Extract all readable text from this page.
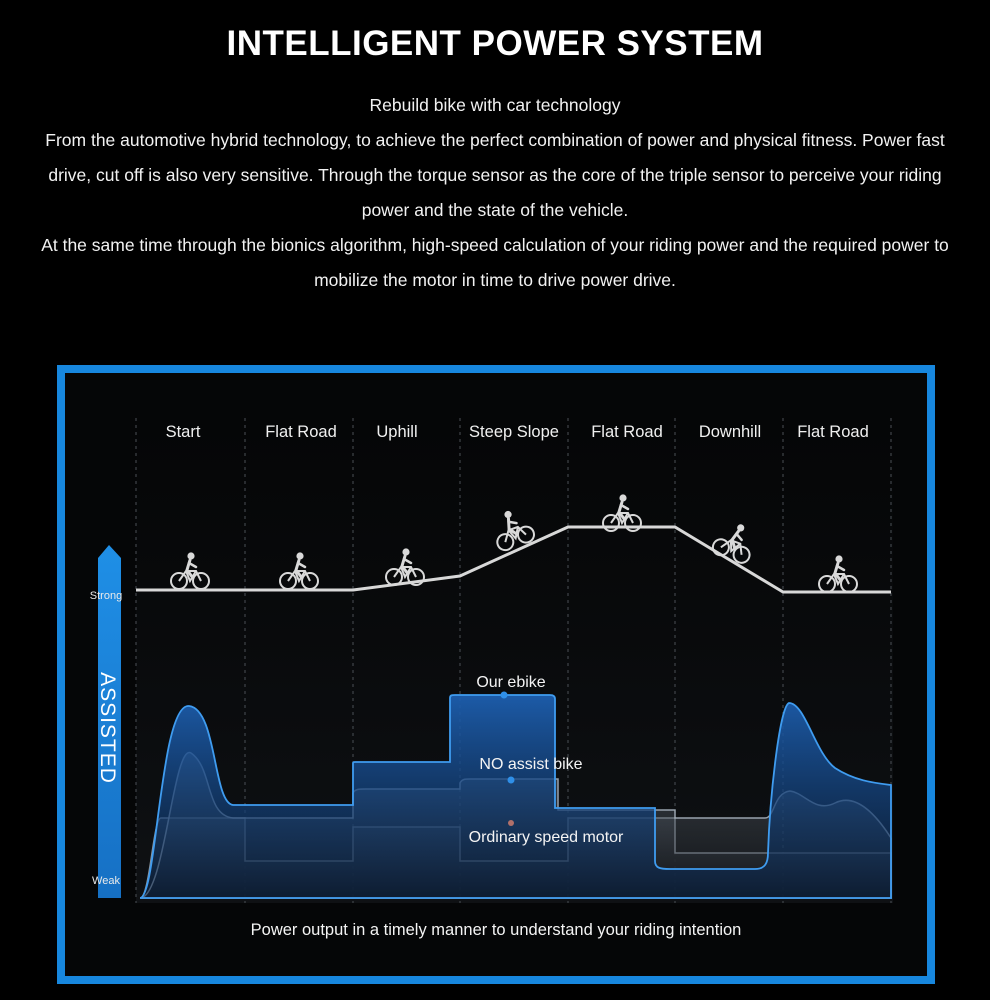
INTELLIGENT POWER SYSTEM

Rebuild bike with car technology

From the automotive hybrid technology, to achieve the perfect combination of power and physical fitness. Power fast drive, cut off is also very sensitive. Through the torque sensor as the core of the triple sensor to perceive your riding power and the state of the vehicle.

At the same time through the bionics algorithm, high-speed calculation of your riding power and the required power to mobilize the motor in time to drive power drive.

Start	Flat Road Uphill	Steep Slope Flat Road Downhill Flat Road
Strong
Weak
ASSISTED	Our ebike
NO assist bike
Ordinary speed motor
Power output in a timely manner to understand your riding intention
